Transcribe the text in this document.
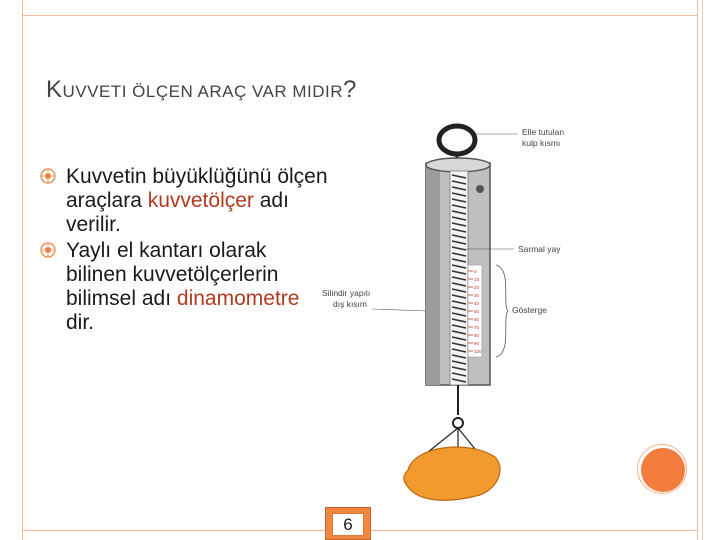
KUVVETI ÖLÇEN ARAÇ VAR MIDIR?
Kuvvetin büyüklüğünü ölçen araçlara kuvvetölçer adı verilir.
Yaylı el kantarı olarak bilinen kuvvetölçerlerin bilimsel adı dinamometre dir.
0
10
20
30
40
50
60
70
80
90
100
Elle tutulan
kulp kısmı
Sarmal yay
Silindir yapılı
dış kısım
Gösterge
6
